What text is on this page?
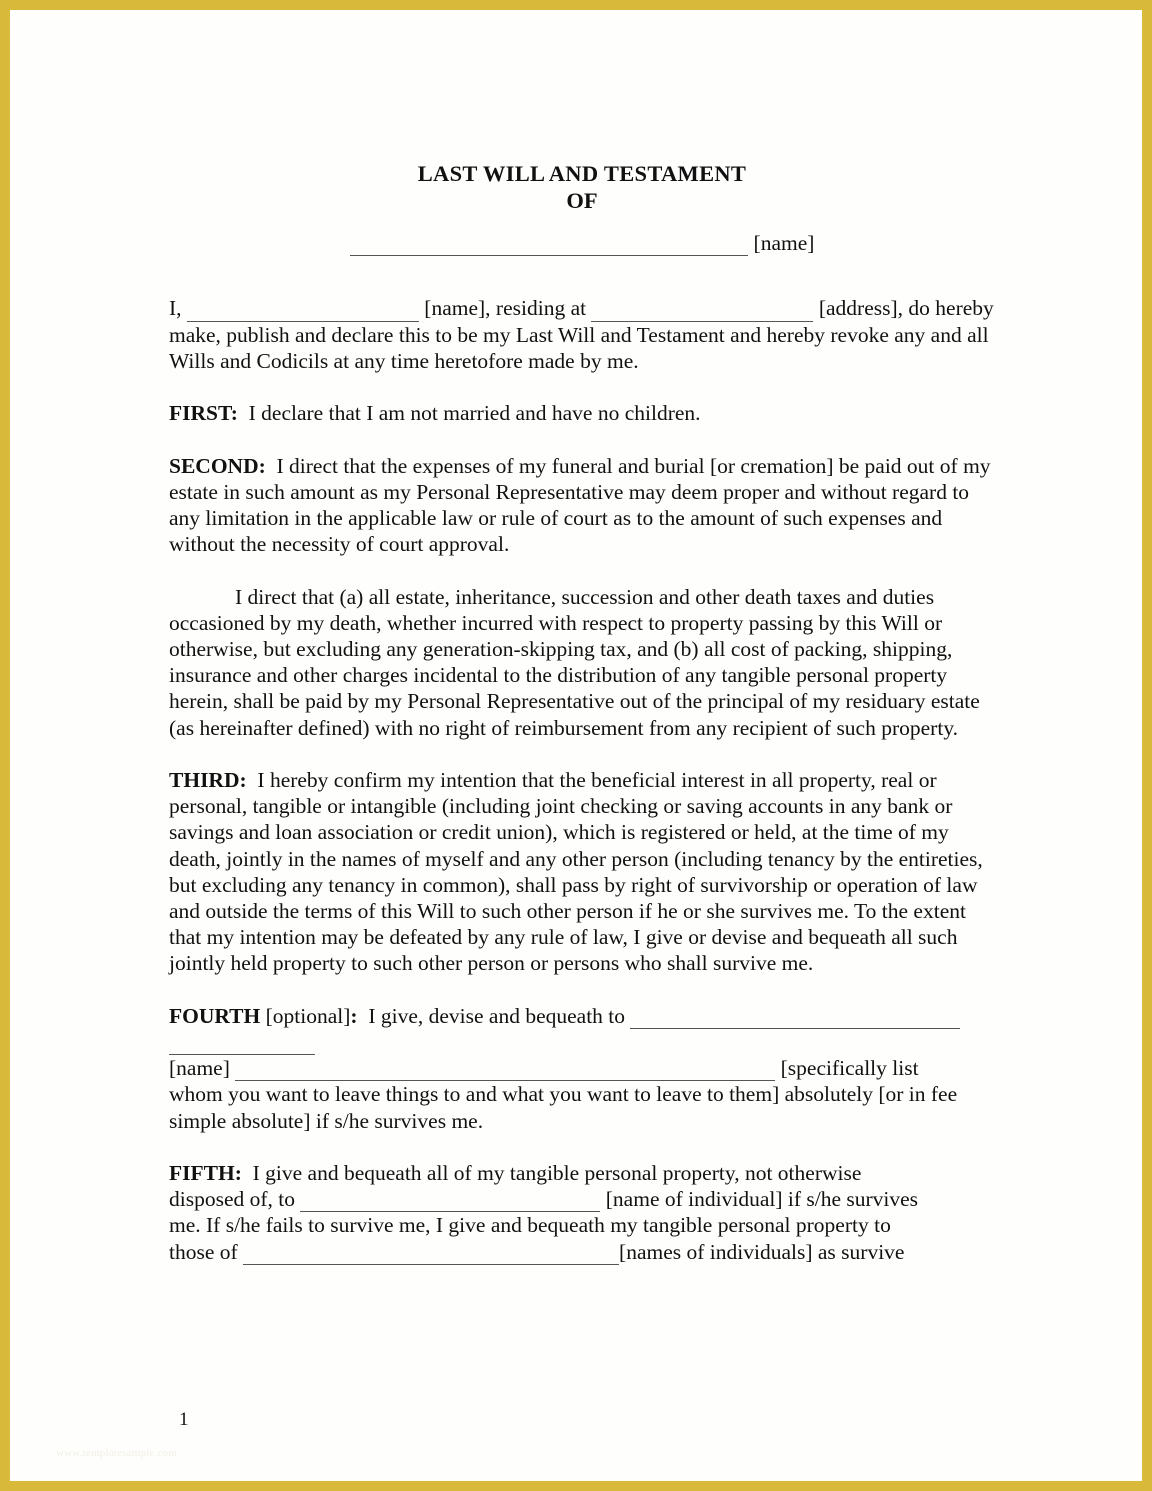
LAST WILL AND TESTAMENT
OF
[name]

I,	[name], residing at	[address], do hereby make, publish and declare this to be my Last Will and Testament and hereby revoke any and all Wills and Codicils at any time heretofore made by me.

FIRST: I declare that I am not married and have no children.

SECOND: I direct that the expenses of my funeral and burial [or cremation] be paid out of my estate in such amount as my Personal Representative may deem proper and without regard to any limitation in the applicable law or rule of court as to the amount of such expenses and without the necessity of court approval.

I direct that (a) all estate, inheritance, succession and other death taxes and duties occasioned by my death, whether incurred with respect to property passing by this Will or otherwise, but excluding any generation-skipping tax, and (b) all cost of packing, shipping, insurance and other charges incidental to the distribution of any tangible personal property herein, shall be paid by my Personal Representative out of the principal of my residuary estate (as hereinafter defined) with no right of reimbursement from any recipient of such property.

THIRD: I hereby confirm my intention that the beneficial interest in all property, real or personal, tangible or intangible (including joint checking or saving accounts in any bank or savings and loan association or credit union), which is registered or held, at the time of my death, jointly in the names of myself and any other person (including tenancy by the entireties, but excluding any tenancy in common), shall pass by right of survivorship or operation of law and outside the terms of this Will to such other person if he or she survives me. To the extent that my intention may be defeated by any rule of law, I give or devise and bequeath all such jointly held property to such other person or persons who shall survive me.

FOURTH [optional]: I give, devise and bequeath to

[name]	[specifically list

whom you want to leave things to and what you want to leave to them] absolutely [or in fee simple absolute] if s/he survives me.

FIFTH: I give and bequeath all of my tangible personal property, not otherwise

disposed of, to	[name of individual] if s/he survives

me. If s/he fails to survive me, I give and bequeath my tangible personal property to

those of	[names of individuals] as survive

1
www.templatesample.com
